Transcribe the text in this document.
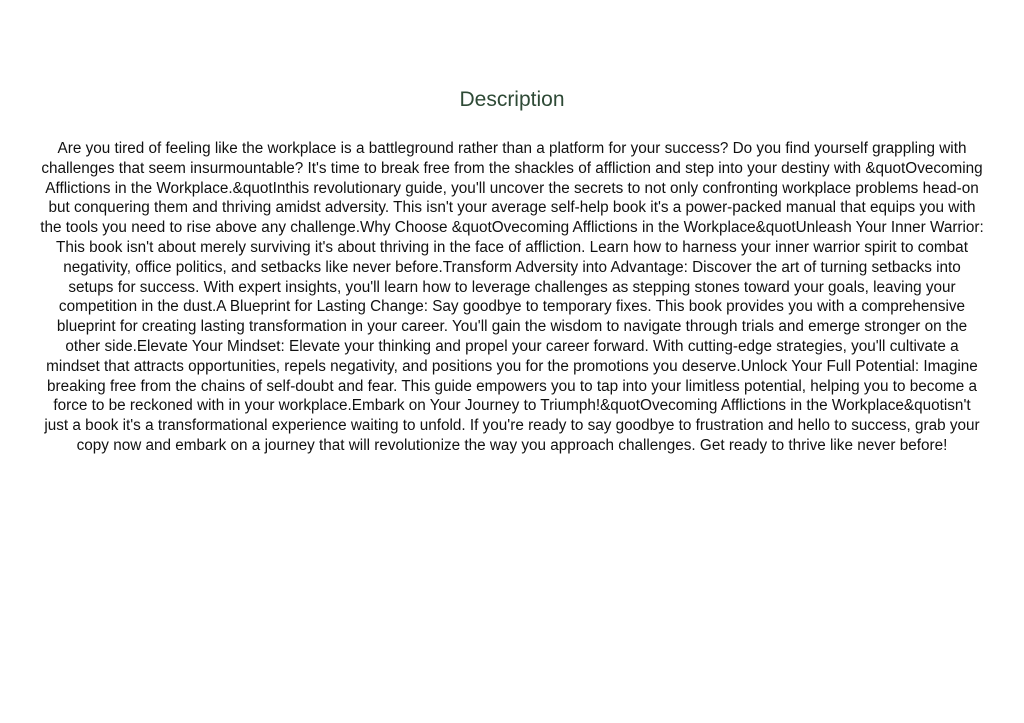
Description

Are you tired of feeling like the workplace is a battleground rather than a platform for your success? Do you find yourself grappling with challenges that seem insurmountable? It's time to break free from the shackles of affliction and step into your destiny with &quotOvecoming Afflictions in the Workplace.&quotInthis revolutionary guide, you'll uncover the secrets to not only confronting workplace problems head-on but conquering them and thriving amidst adversity. This isn't your average self-help book it's a power-packed manual that equips you with the tools you need to rise above any challenge.Why Choose &quotOvecoming Afflictions in the Workplace&quotUnleash Your Inner Warrior: This book isn't about merely surviving it's about thriving in the face of affliction. Learn how to harness your inner warrior spirit to combat negativity, office politics, and setbacks like never before.Transform Adversity into Advantage: Discover the art of turning setbacks into setups for success. With expert insights, you'll learn how to leverage challenges as stepping stones toward your goals, leaving your competition in the dust.A Blueprint for Lasting Change: Say goodbye to temporary fixes. This book provides you with a comprehensive blueprint for creating lasting transformation in your career. You'll gain the wisdom to navigate through trials and emerge stronger on the other side.Elevate Your Mindset: Elevate your thinking and propel your career forward. With cutting-edge strategies, you'll cultivate a mindset that attracts opportunities, repels negativity, and positions you for the promotions you deserve.Unlock Your Full Potential: Imagine breaking free from the chains of self-doubt and fear. This guide empowers you to tap into your limitless potential, helping you to become a force to be reckoned with in your workplace.Embark on Your Journey to Triumph!&quotOvecoming Afflictions in the Workplace&quotisn't just a book it's a transformational experience waiting to unfold. If you're ready to say goodbye to frustration and hello to success, grab your copy now and embark on a journey that will revolutionize the way you approach challenges. Get ready to thrive like never before!
